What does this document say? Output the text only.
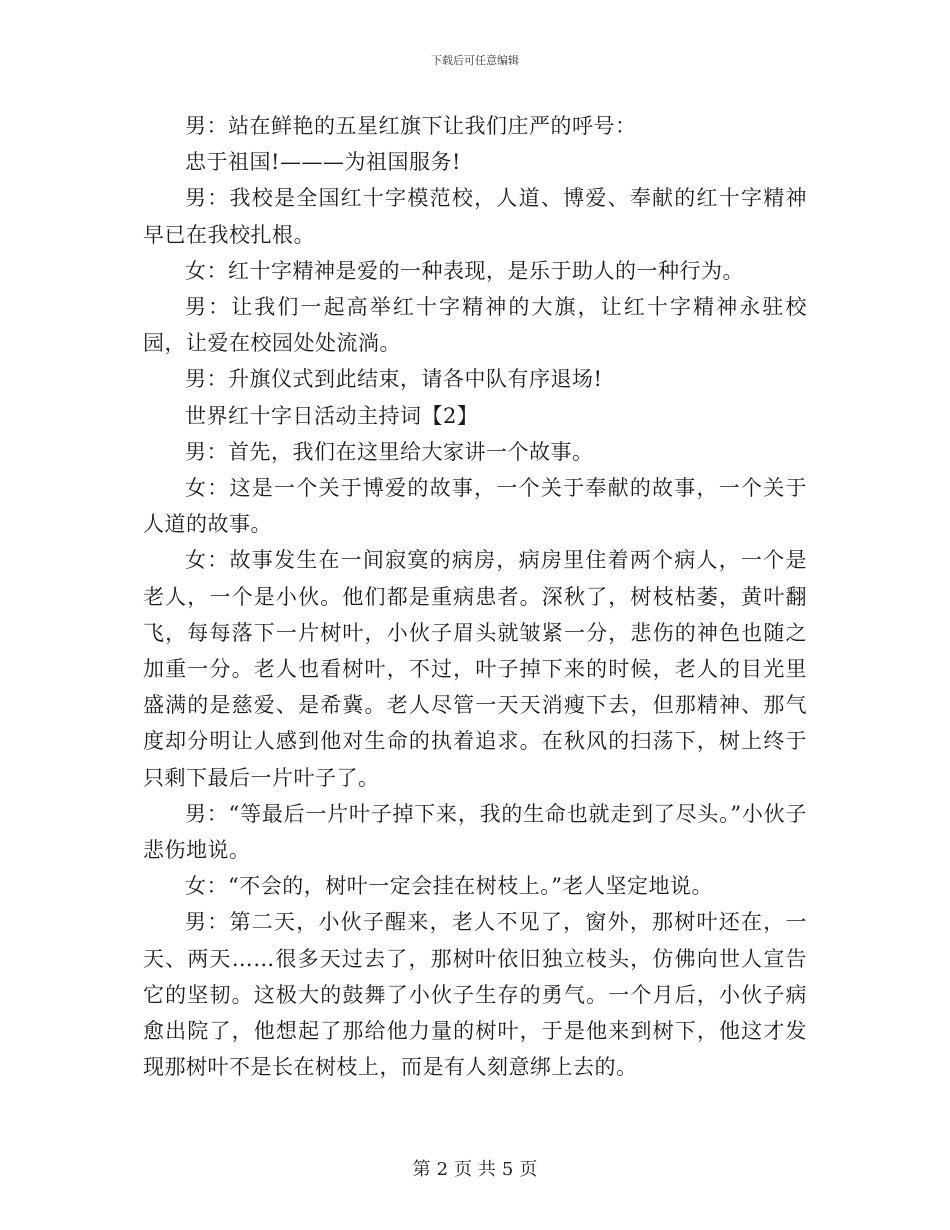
下载后可任意编辑

男：站在鲜艳的五星红旗下让我们庄严的呼号：

忠于祖国!———为祖国服务!

男：我校是全国红十字模范校，人道、博爱、奉献的红十字精神早已在我校扎根。

女：红十字精神是爱的一种表现，是乐于助人的一种行为。

男：让我们一起高举红十字精神的大旗，让红十字精神永驻校园，让爱在校园处处流淌。

男：升旗仪式到此结束，请各中队有序退场!

世界红十字日活动主持词【2】

男：首先，我们在这里给大家讲一个故事。

女：这是一个关于博爱的故事，一个关于奉献的故事，一个关于人道的故事。

女：故事发生在一间寂寞的病房，病房里住着两个病人，一个是老人，一个是小伙。他们都是重病患者。深秋了，树枝枯萎，黄叶翻飞，每每落下一片树叶，小伙子眉头就皱紧一分，悲伤的神色也随之加重一分。老人也看树叶，不过，叶子掉下来的时候，老人的目光里盛满的是慈爱、是希冀。老人尽管一天天消瘦下去，但那精神、那气度却分明让人感到他对生命的执着追求。在秋风的扫荡下，树上终于只剩下最后一片叶子了。

男：“等最后一片叶子掉下来，我的生命也就走到了尽头。”小伙子悲伤地说。

女：“不会的，树叶一定会挂在树枝上。”老人坚定地说。

男：第二天，小伙子醒来，老人不见了，窗外，那树叶还在，一天、两天……很多天过去了，那树叶依旧独立枝头，仿佛向世人宣告它的坚韧。这极大的鼓舞了小伙子生存的勇气。一个月后，小伙子病愈出院了，他想起了那给他力量的树叶，于是他来到树下，他这才发现那树叶不是长在树枝上，而是有人刻意绑上去的。

第 2 页 共 5 页
